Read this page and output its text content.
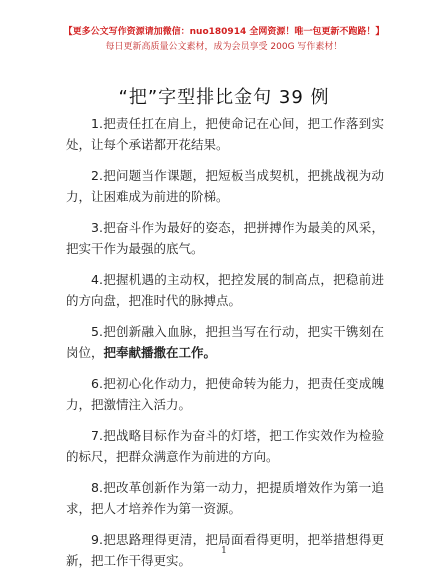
【更多公文写作资源请加微信：nuo180914 全网资源！唯一包更新不跑路！】
每日更新高质量公文素材，成为会员享受 200G 写作素材！
“把”字型排比金句 39 例

1.把责任扛在肩上，把使命记在心间，把工作落到实处，让每个承诺都开花结果。

2.把问题当作课题，把短板当成契机，把挑战视为动力，让困难成为前进的阶梯。

3.把奋斗作为最好的姿态，把拼搏作为最美的风采，把实干作为最强的底气。

4.把握机遇的主动权，把控发展的制高点，把稳前进的方向盘，把准时代的脉搏点。

5.把创新融入血脉，把担当写在行动，把实干镌刻在岗位，把奉献播撒在工作。

6.把初心化作动力，把使命转为能力，把责任变成魄力，把激情注入活力。

7.把战略目标作为奋斗的灯塔，把工作实效作为检验的标尺，把群众满意作为前进的方向。

8.把改革创新作为第一动力，把提质增效作为第一追求，把人才培养作为第一资源。

9.把思路理得更清，把局面看得更明，把举措想得更新，把工作干得更实。

1
